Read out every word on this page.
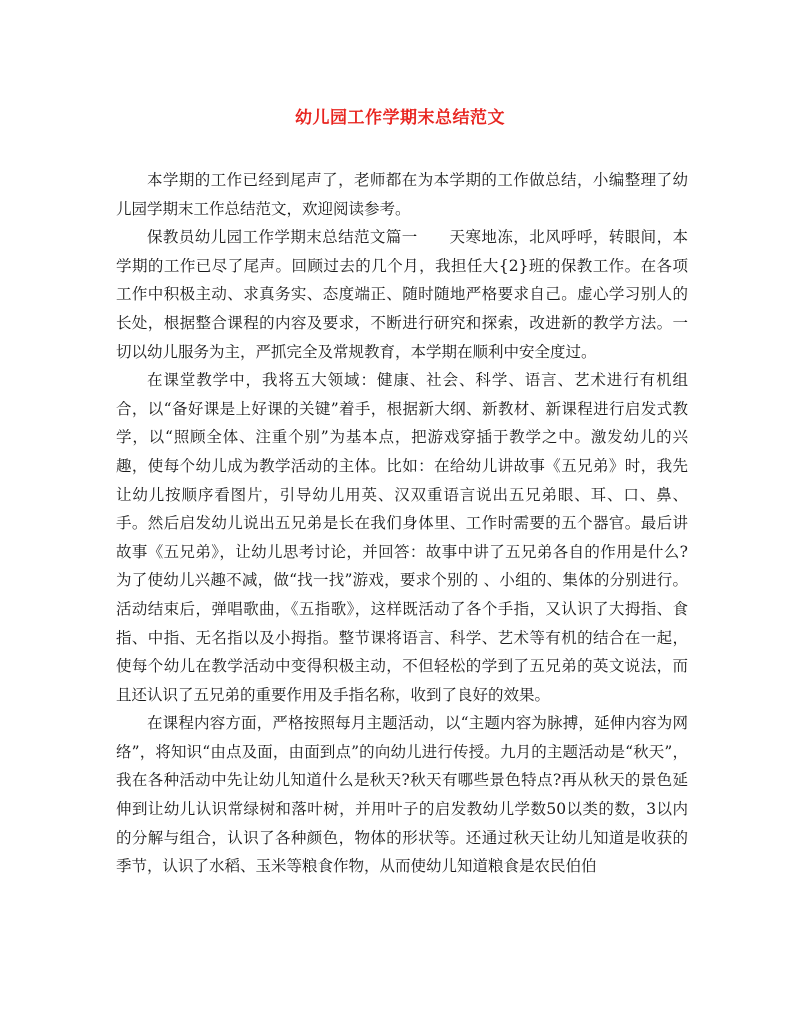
幼儿园工作学期末总结范文

本学期的工作已经到尾声了，老师都在为本学期的工作做总结，小编整理了幼儿园学期末工作总结范文，欢迎阅读参考。

保教员幼儿园工作学期末总结范文篇一　　天寒地冻，北风呼呼，转眼间，本学期的工作已尽了尾声。回顾过去的几个月，我担任大{2}班的保教工作。在各项工作中积极主动、求真务实、态度端正、随时随地严格要求自己。虚心学习别人的长处，根据整合课程的内容及要求，不断进行研究和探索，改进新的教学方法。一切以幼儿服务为主，严抓完全及常规教育，本学期在顺利中安全度过。

在课堂教学中，我将五大领域：健康、社会、科学、语言、艺术进行有机组合，以“备好课是上好课的关键”着手，根据新大纲、新教材、新课程进行启发式教学，以“照顾全体、注重个别”为基本点，把游戏穿插于教学之中。激发幼儿的兴趣，使每个幼儿成为教学活动的主体。比如：在给幼儿讲故事《五兄弟》时，我先让幼儿按顺序看图片，引导幼儿用英、汉双重语言说出五兄弟眼、耳、口、鼻、手。然后启发幼儿说出五兄弟是长在我们身体里、工作时需要的五个器官。最后讲故事《五兄弟》，让幼儿思考讨论，并回答：故事中讲了五兄弟各自的作用是什么?为了使幼儿兴趣不减，做“找一找”游戏，要求个别的 、小组的、集体的分别进行。活动结束后，弹唱歌曲，《五指歌》，这样既活动了各个手指，又认识了大拇指、食指、中指、无名指以及小拇指。整节课将语言、科学、艺术等有机的结合在一起，使每个幼儿在教学活动中变得积极主动，不但轻松的学到了五兄弟的英文说法，而且还认识了五兄弟的重要作用及手指名称，收到了良好的效果。

在课程内容方面，严格按照每月主题活动，以“主题内容为脉搏，延伸内容为网络”，将知识“由点及面，由面到点”的向幼儿进行传授。九月的主题活动是“秋天”，我在各种活动中先让幼儿知道什么是秋天?秋天有哪些景色特点?再从秋天的景色延伸到让幼儿认识常绿树和落叶树，并用叶子的启发教幼儿学数50以类的数，3以内的分解与组合，认识了各种颜色，物体的形状等。还通过秋天让幼儿知道是收获的季节，认识了水稻、玉米等粮食作物，从而使幼儿知道粮食是农民伯伯
